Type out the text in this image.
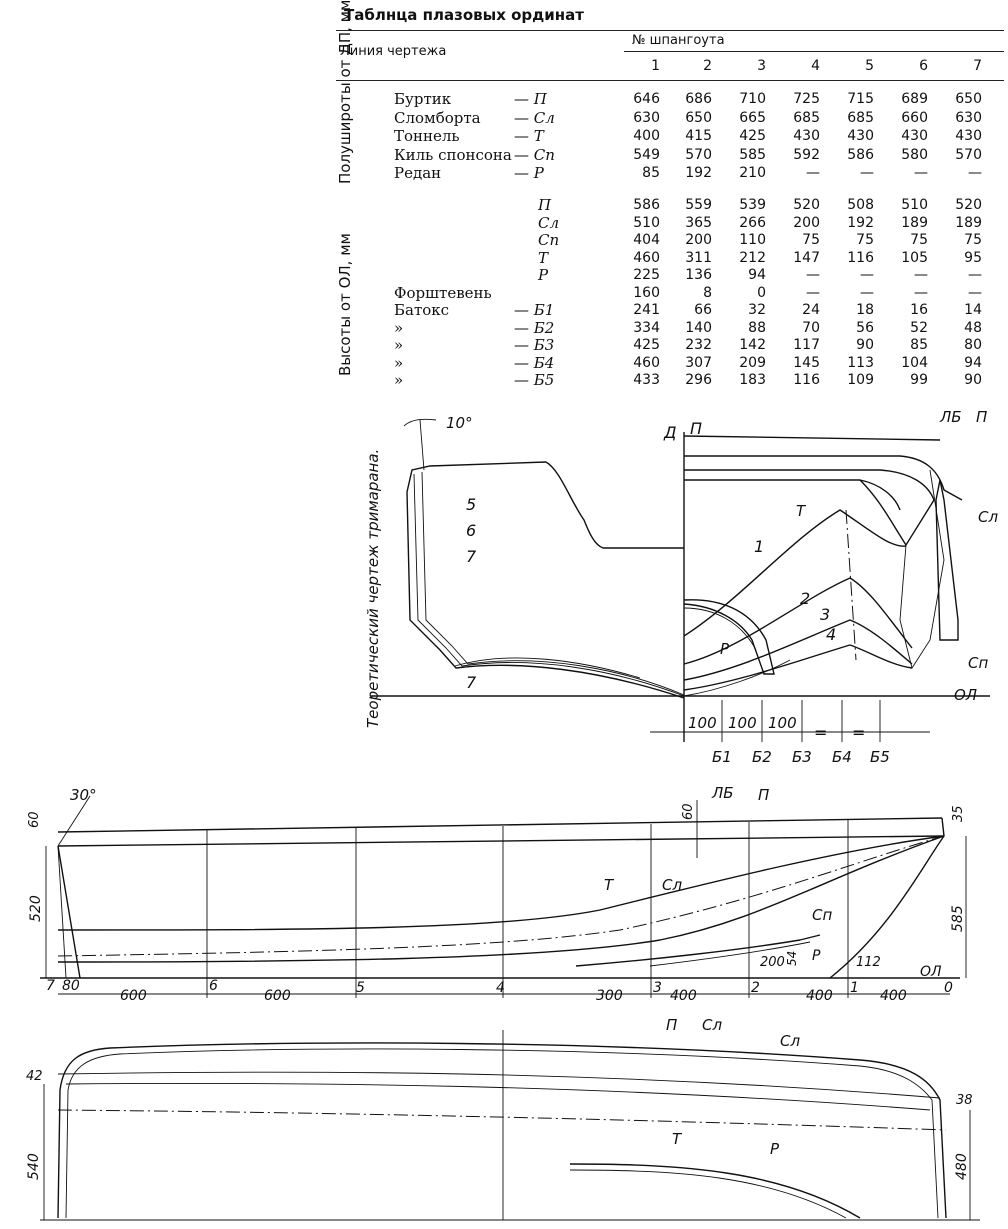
Таблнца плазовых ординат
Линия чертежа
№ шпангоута
1	2	3	4	5	6	7
Полуширoты от ДП, мм
Высоты от ОЛ, мм
Буртик	— П	646	686	710	725	715	689	650
Сломборта — Сл	630	650	665	685	685	660	630
Тоннель	— Т	400	415	425	430	430	430	430
Киль спонсона — Сп	549	570	585	592	586	580	570
Редан	— Р	85	192	210	—	—	—	—
П	586	559	539	520	508	510	520
Сл	510	365	266	200	192	189	189
Сп	404	200	110	75	75	75	75
Т	460	311	212	147	116	105	95
Р	225	136	94	—	—	—	—
Форштевень	160	8	0	—	—	—	—
Батокс	— Б1	241	66	32	24	18	16	14
»	— Б2	334	140	88	70	56	52	48
»	— Б3	425	232	142	117	90	85	80
»	— Б4	460	307	209	145	113	104	94
»	— Б5	433	296	183	116	109	99	90
Теоретический чертеж тримарана.
10°
5
6
7
7
Д П
ЛБ П
Т	Сл
Сп
Р
ОЛ
1
2
3
4
100 100 100 = =
Б1 Б2 Б3 Б4 Б5
30°
60
520
60	35
585
ЛБ П
Т	Сл
Сп
Р
ОЛ
200 54	112
7 80	6	5	4	3	2	1	0
600	600	300	400	400	400
П Сл
Сл
Т
Р
42
540
38
480
